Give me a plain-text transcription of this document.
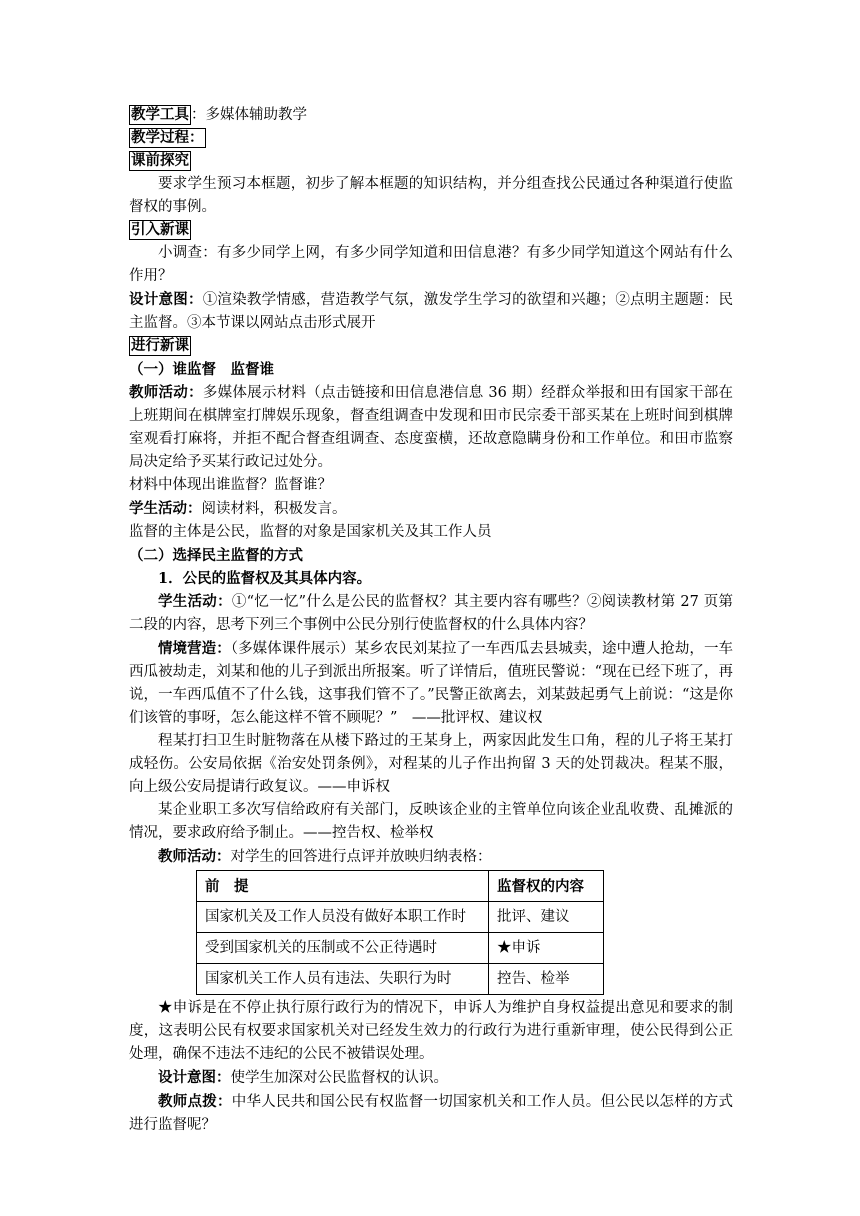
教学工具 ：多媒体辅助教学

教学过程：

课前探究

要求学生预习本框题，初步了解本框题的知识结构，并分组查找公民通过各种渠道行使监督权的事例。

引入新课

小调查：有多少同学上网，有多少同学知道和田信息港？有多少同学知道这个网站有什么作用？

设计意图：①渲染教学情感，营造教学气氛，激发学生学习的欲望和兴趣；②点明主题题：民主监督。③本节课以网站点击形式展开

进行新课

（一）谁监督　监督谁

教师活动：多媒体展示材料（点击链接和田信息港信息 36 期）经群众举报和田有国家干部在上班期间在棋牌室打牌娱乐现象，督查组调查中发现和田市民宗委干部买某在上班时间到棋牌室观看打麻将，并拒不配合督查组调查、态度蛮横，还故意隐瞒身份和工作单位。和田市监察局决定给予买某行政记过处分。

材料中体现出谁监督？监督谁？

学生活动：阅读材料，积极发言。

监督的主体是公民，监督的对象是国家机关及其工作人员

（二）选择民主监督的方式

1．公民的监督权及其具体内容。

学生活动：①“忆一忆”什么是公民的监督权？其主要内容有哪些？②阅读教材第 27 页第二段的内容，思考下列三个事例中公民分别行使监督权的什么具体内容？

情境营造：（多媒体课件展示）某乡农民刘某拉了一车西瓜去县城卖，途中遭人抢劫，一车西瓜被劫走，刘某和他的儿子到派出所报案。听了详情后，值班民警说：“现在已经下班了，再说，一车西瓜值不了什么钱，这事我们管不了。”民警正欲离去，刘某鼓起勇气上前说：“这是你们该管的事呀，怎么能这样不管不顾呢？”　——批评权、建议权

程某打扫卫生时脏物落在从楼下路过的王某身上，两家因此发生口角，程的儿子将王某打成轻伤。公安局依据《治安处罚条例》，对程某的儿子作出拘留 3 天的处罚裁决。程某不服，向上级公安局提请行政复议。——申诉权

某企业职工多次写信给政府有关部门，反映该企业的主管单位向该企业乱收费、乱摊派的情况，要求政府给予制止。——控告权、检举权

教师活动：对学生的回答进行点评并放映归纳表格：

前　提	监督权的内容
国家机关及工作人员没有做好本职工作时	批评、建议
受到国家机关的压制或不公正待遇时	★申诉
国家机关工作人员有违法、失职行为时	控告、检举

★申诉是在不停止执行原行政行为的情况下，申诉人为维护自身权益提出意见和要求的制度，这表明公民有权要求国家机关对已经发生效力的行政行为进行重新审理，使公民得到公正处理，确保不违法不违纪的公民不被错误处理。

设计意图：使学生加深对公民监督权的认识。

教师点拨：中华人民共和国公民有权监督一切国家机关和工作人员。但公民以怎样的方式进行监督呢？
